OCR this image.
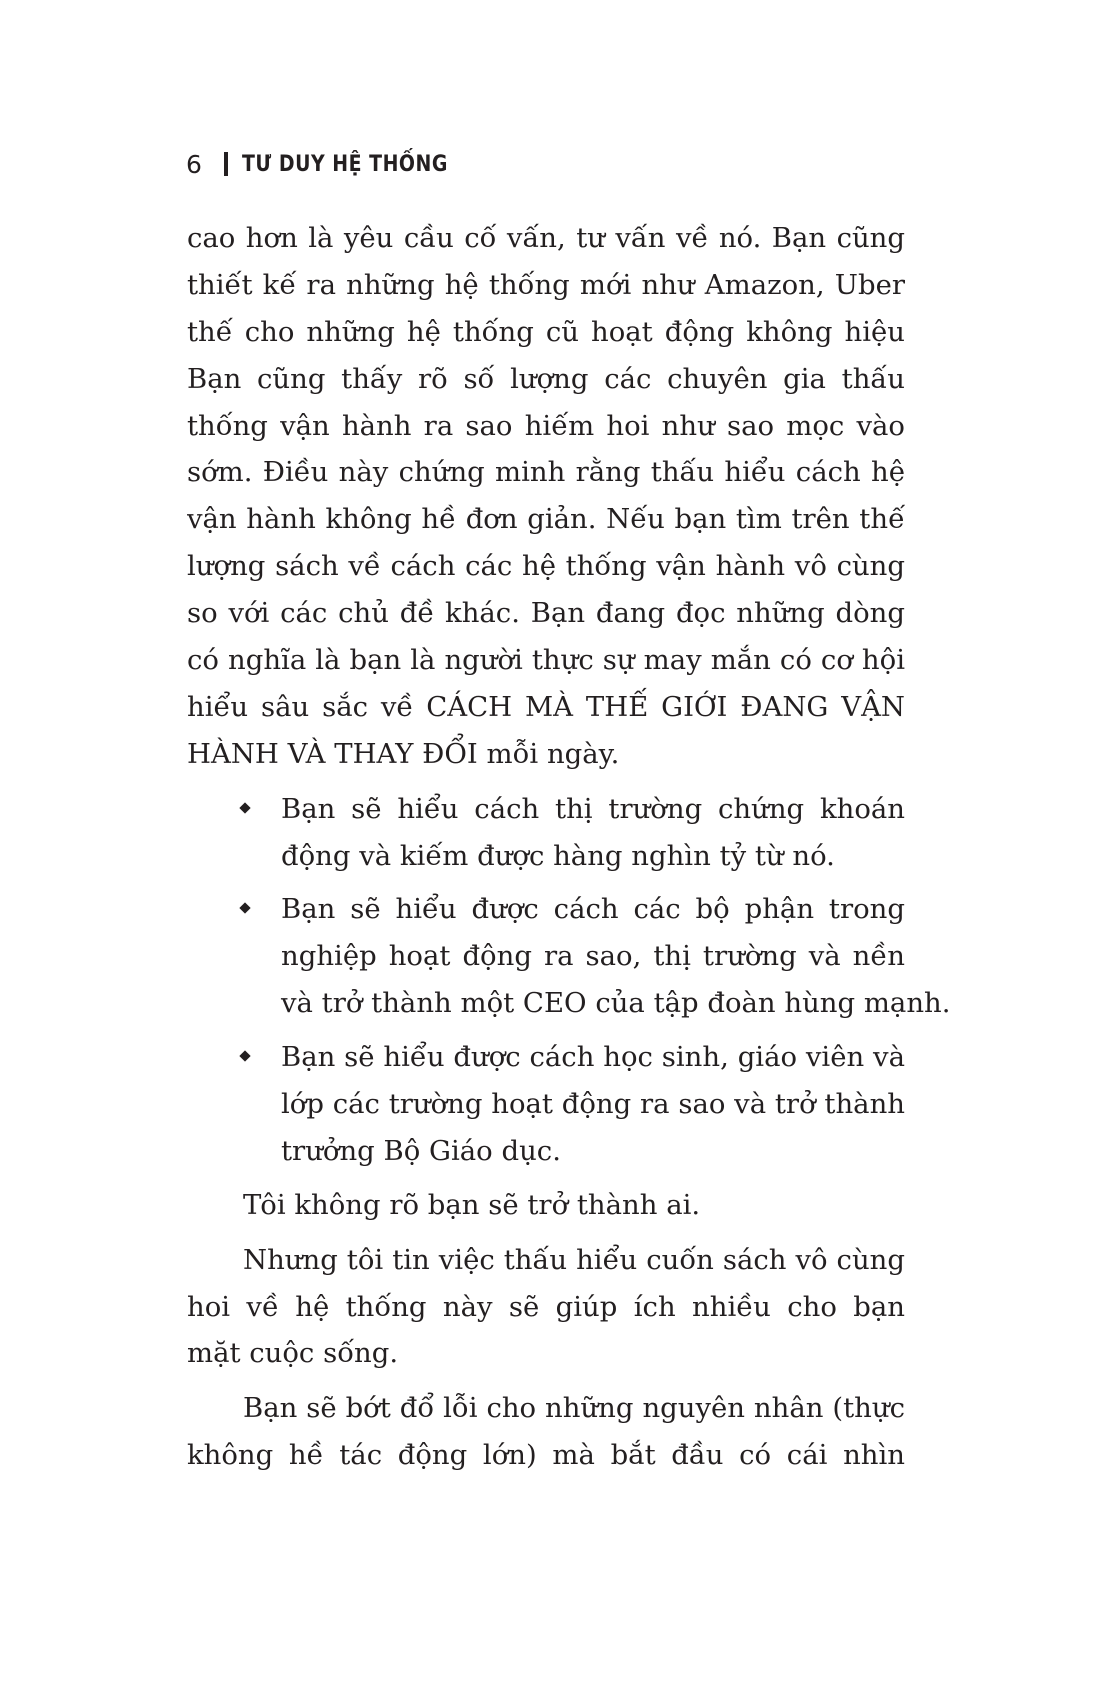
6 TƯ DUY HỆ THỐNG
cao hơn là yêu cầu cố vấn, tư vấn về nó. Bạn cũng
thiết kế ra những hệ thống mới như Amazon, Uber
thế cho những hệ thống cũ hoạt động không hiệu
Bạn cũng thấy rõ số lượng các chuyên gia thấu
thống vận hành ra sao hiếm hoi như sao mọc vào
sớm. Điều này chứng minh rằng thấu hiểu cách hệ
vận hành không hề đơn giản. Nếu bạn tìm trên thế
lượng sách về cách các hệ thống vận hành vô cùng
so với các chủ đề khác. Bạn đang đọc những dòng
có nghĩa là bạn là người thực sự may mắn có cơ hội
hiểu sâu sắc về CÁCH MÀ THẾ GIỚI ĐANG VẬN
HÀNH VÀ THAY ĐỔI mỗi ngày.
Bạn sẽ hiểu cách thị trường chứng khoán
động và kiếm được hàng nghìn tỷ từ nó.
Bạn sẽ hiểu được cách các bộ phận trong
nghiệp hoạt động ra sao, thị trường và nền
và trở thành một CEO của tập đoàn hùng mạnh.
Bạn sẽ hiểu được cách học sinh, giáo viên và
lớp các trường hoạt động ra sao và trở thành
trưởng Bộ Giáo dục.
Tôi không rõ bạn sẽ trở thành ai.
Nhưng tôi tin việc thấu hiểu cuốn sách vô cùng
hoi về hệ thống này sẽ giúp ích nhiều cho bạn
mặt cuộc sống.
Bạn sẽ bớt đổ lỗi cho những nguyên nhân (thực
không hề tác động lớn) mà bắt đầu có cái nhìn
